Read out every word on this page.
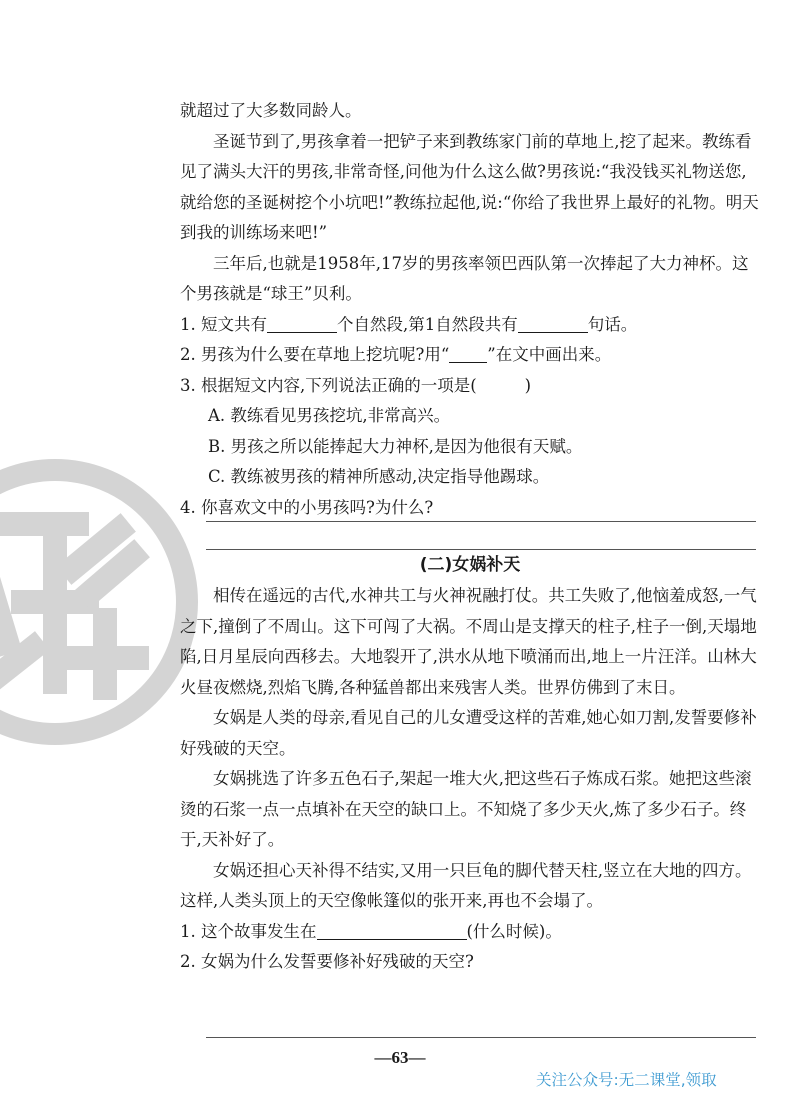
就超过了大多数同龄人。

圣诞节到了,男孩拿着一把铲子来到教练家门前的草地上,挖了起来。教练看见了满头大汗的男孩,非常奇怪,问他为什么这么做?男孩说:“我没钱买礼物送您,就给您的圣诞树挖个小坑吧!”教练拉起他,说:“你给了我世界上最好的礼物。明天到我的训练场来吧!”

三年后,也就是1958年,17岁的男孩率领巴西队第一次捧起了大力神杯。这个男孩就是“球王”贝利。

1. 短文共有	个自然段,第1自然段共有	句话。

2. 男孩为什么要在草地上挖坑呢?用“ ”在文中画出来。

3. 根据短文内容,下列说法正确的一项是(	)

A. 教练看见男孩挖坑,非常高兴。

B. 男孩之所以能捧起大力神杯,是因为他很有天赋。

C. 教练被男孩的精神所感动,决定指导他踢球。

4. 你喜欢文中的小男孩吗?为什么?

(二)女娲补天

相传在遥远的古代,水神共工与火神祝融打仗。共工失败了,他恼羞成怒,一气之下,撞倒了不周山。这下可闯了大祸。不周山是支撑天的柱子,柱子一倒,天塌地陷,日月星辰向西移去。大地裂开了,洪水从地下喷涌而出,地上一片汪洋。山林大火昼夜燃烧,烈焰飞腾,各种猛兽都出来残害人类。世界仿佛到了末日。

女娲是人类的母亲,看见自己的儿女遭受这样的苦难,她心如刀割,发誓要修补好残破的天空。

女娲挑选了许多五色石子,架起一堆大火,把这些石子炼成石浆。她把这些滚烫的石浆一点一点填补在天空的缺口上。不知烧了多少天火,炼了多少石子。终于,天补好了。

女娲还担心天补得不结实,又用一只巨龟的脚代替天柱,竖立在大地的四方。这样,人类头顶上的天空像帐篷似的张开来,再也不会塌了。

1. 这个故事发生在	(什么时候)。

2. 女娲为什么发誓要修补好残破的天空?

—63—
关注公众号:无二课堂,领取
